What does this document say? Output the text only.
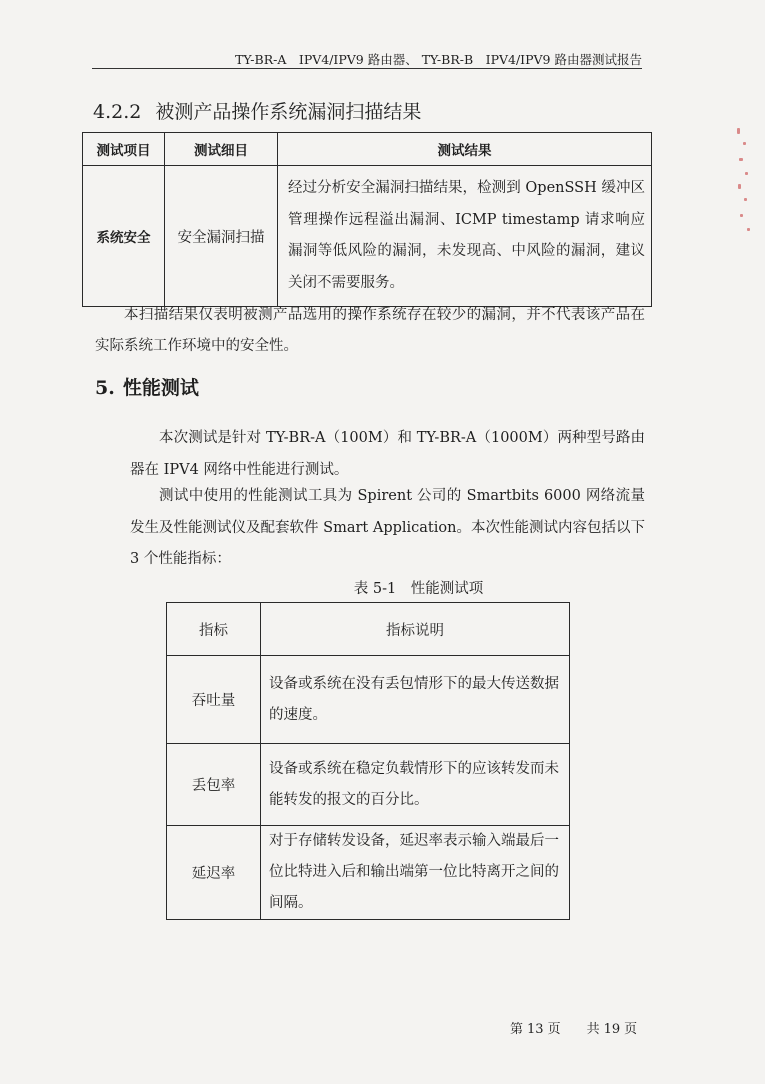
TY-BR-A　IPV4/IPV9 路由器、 TY-BR-B　IPV4/IPV9 路由器测试报告
4.2.2 被测产品操作系统漏洞扫描结果
测试项目	测试细目	测试结果
系统安全	安全漏洞扫描	经过分析安全漏洞扫描结果，检测到 OpenSSH 缓冲区管理操作远程溢出漏洞、ICMP timestamp 请求响应漏洞等低风险的漏洞，未发现高、中风险的漏洞，建议关闭不需要服务。

本扫描结果仅表明被测产品选用的操作系统存在较少的漏洞，并不代表该产品在实际系统工作环境中的安全性。

5. 性能测试

本次测试是针对 TY-BR-A（100M）和 TY-BR-A（1000M）两种型号路由器在 IPV4 网络中性能进行测试。

测试中使用的性能测试工具为 Spirent 公司的 Smartbits 6000 网络流量发生及性能测试仪及配套软件 Smart Application。本次性能测试内容包括以下 3 个性能指标：

表 5-1　性能测试项
指标	指标说明
吞吐量	设备或系统在没有丢包情形下的最大传送数据的速度。
丢包率	设备或系统在稳定负载情形下的应该转发而未能转发的报文的百分比。
延迟率	对于存储转发设备，延迟率表示输入端最后一位比特进入后和输出端第一位比特离开之间的间隔。
第 13 页 共 19 页
